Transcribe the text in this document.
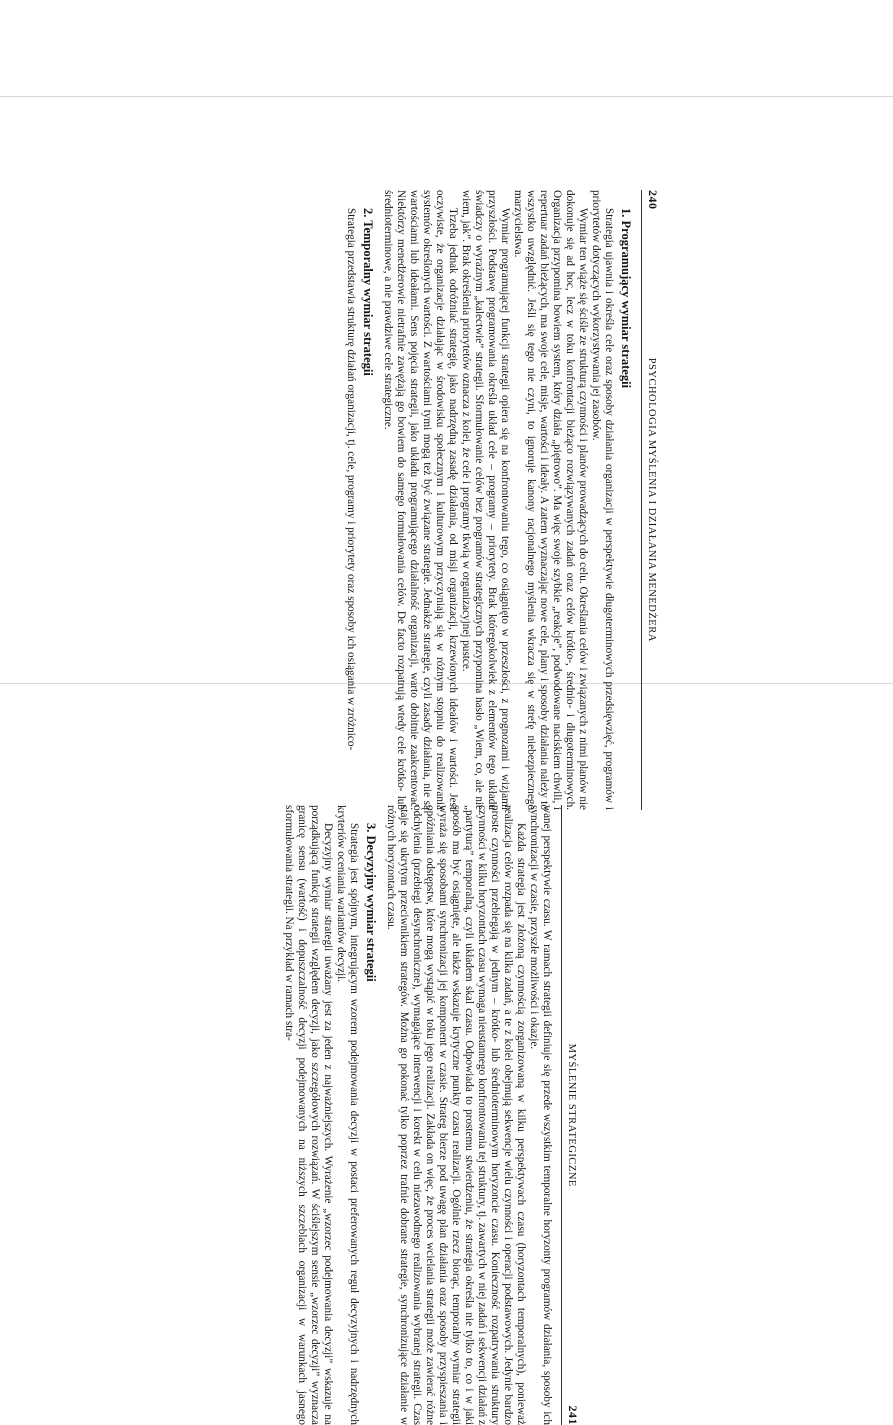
240
PSYCHOLOGIA MYŚLENIA I DZIAŁANIA MENEDŻERA
1. Programujący wymiar strategii

Strategia ujawnia i określa cele oraz sposoby działania organizacji w perspektywie długoterminowych przedsięwzięć, programów i priorytetów dotyczących wykorzystywania jej zasobów.

Wymiar ten wiąże się ściśle ze strukturą czynności i planów prowadzących do celu. Określania celów i związanych z nimi planów nie dokonuje się ad hoc, lecz w toku konfrontacji bieżąco rozwiązywanych zadań oraz celów krótko-, średnio- i długoterminowych. Organizacja przypomina bowiem system, który działa „piętrowo”. Ma więc swoje szybkie „reakcje”, podwodowane naciskiem chwili, i repertuar zadań bieżących, ma swoje cele, misje, wartości i ideały. A zatem wyznaczając nowe cele, plany i sposoby działania należy to wszystko uwzględnić. Jeśli się tego nie czyni, to ignoruje kanony racjonalnego myślenia wkracza się w strefę niebezpiecznego marzycielstwa.

Wymiar programującej funkcji strategii opiera się na konfrontowaniu tego, co osiągnięto w przeszłości, z prognozami i wizjami przyszłości. Podstawę programowania określa układ cele – programy – priorytety. Brak któregokolwiek z elementów tego układu świadczy o wyraźnym „kalectwie” strategii. Sformułowanie celów bez programów strategicznych przypomina hasło „Wiem, co, ale nie wiem, jak”. Brak określenia priorytetów oznacza z kolei, że cele i programy tkwią w organizacyjnej pustce.

Trzeba jednak odróżniać strategię, jako nadrzędną zasadę działania, od misji organizacji, krzewionych ideałów i wartości. Jest oczywiste, że organizacje działając w środowisku społecznym i kulturowym przyczyniają się w różnym stopniu do realizowania systemów określonych wartości. Z wartościami tymi mogą też być związane strategie. Jednakże strategie, czyli zasady działania, nie są wartościami lub ideałami. Sens pojęcia strategii, jako układu programującego działalność organizacji, warto dobitnie zaakcentować. Niektórzy menedżerowie nietrafnie zawężają go bowiem do samego formułowania celów. De facto rozpatrują wtedy cele krótko- lub średnioterminowe, a nie prawdziwe cele strategiczne.

2. Temporalny wymiar strategii

Strategia przedstawia strukturę działań organizacji, tj. cele, programy i priorytety oraz sposoby ich osiągania w zróżnico-

MYŚLENIE STRATEGICZNE
241

wanej perspektywie czasu. W ramach strategii definiuje się przede wszystkim temporalne horyzonty programów działania, sposoby ich synchronizacji w czasie, przyszłe możliwości i okazje.

Każda strategia jest złożoną czynnością zorganizowaną w kilku perspektywach czasu (horyzontach temporalnych), ponieważ realizacja celów rozpada się na kilka zadań, a te z kolei obejmują sekwencje wielu czynności i operacji podstawowych. Jedynie bardzo proste czynności przebiegają w jednym – krótko- lub średnioterminowym horyzoncie czasu. Konieczność rozpatrywania struktury czynności w kilku horyzontach czasu wymaga nieustannego konfrontowania tej struktury, tj. zawartych w niej zadań i sekwencji działań z „partyturą” temporalną, czyli układem skal czasu. Odpowiada to prostemu stwierdzeniu, że strategia określa nie tylko to, co i w jaki sposób ma być osiągnięte, ale także wskazuje krytyczne punkty czasu realizacji. Ogólnie rzecz biorąc, temporalny wymiar strategii wyraża się sposobami synchronizacji jej komponent w czasie. Strateg bierze pod uwagę plan działania oraz sposoby przyspieszania i opóźniania odstępstw, które mogą wystąpić w toku jego realizacji. Zakłada on więc, że proces wcielania strategii może zawierać różne odchylenia (przebiegi desynchroniczne), wymagające interwencji i korekt w celu niezawodnego realizowania wybranej strategii. Czas staje się ukrytym przeciwnikiem strategów. Można go pokonać tylko poprzez trafnie dobrane strategie, synchronizujące działanie w różnych horyzontach czasu.

3. Decyzyjny wymiar strategii

Strategia jest spójnym, integrującym wzorem podejmowania decyzji w postaci preferowanych reguł decyzyjnych i nadrzędnych kryteriów oceniania wariantów decyzji.

Decyzyjny wymiar strategii uważany jest za jeden z najważniejszych. Wyrażenie „wzorzec podejmowania decyzji” wskazuje na porządkującą funkcję strategii względem decyzji, jako szczegółowych rozwiązań. W ściślejszym sensie „wzorzec decyzji” wyznacza granicę sensu (wartość) i dopuszczalność decyzji podejmowanych na niższych szczeblach organizacji w warunkach jasnego sformułowania strategii. Na przykład w ramach stra-
